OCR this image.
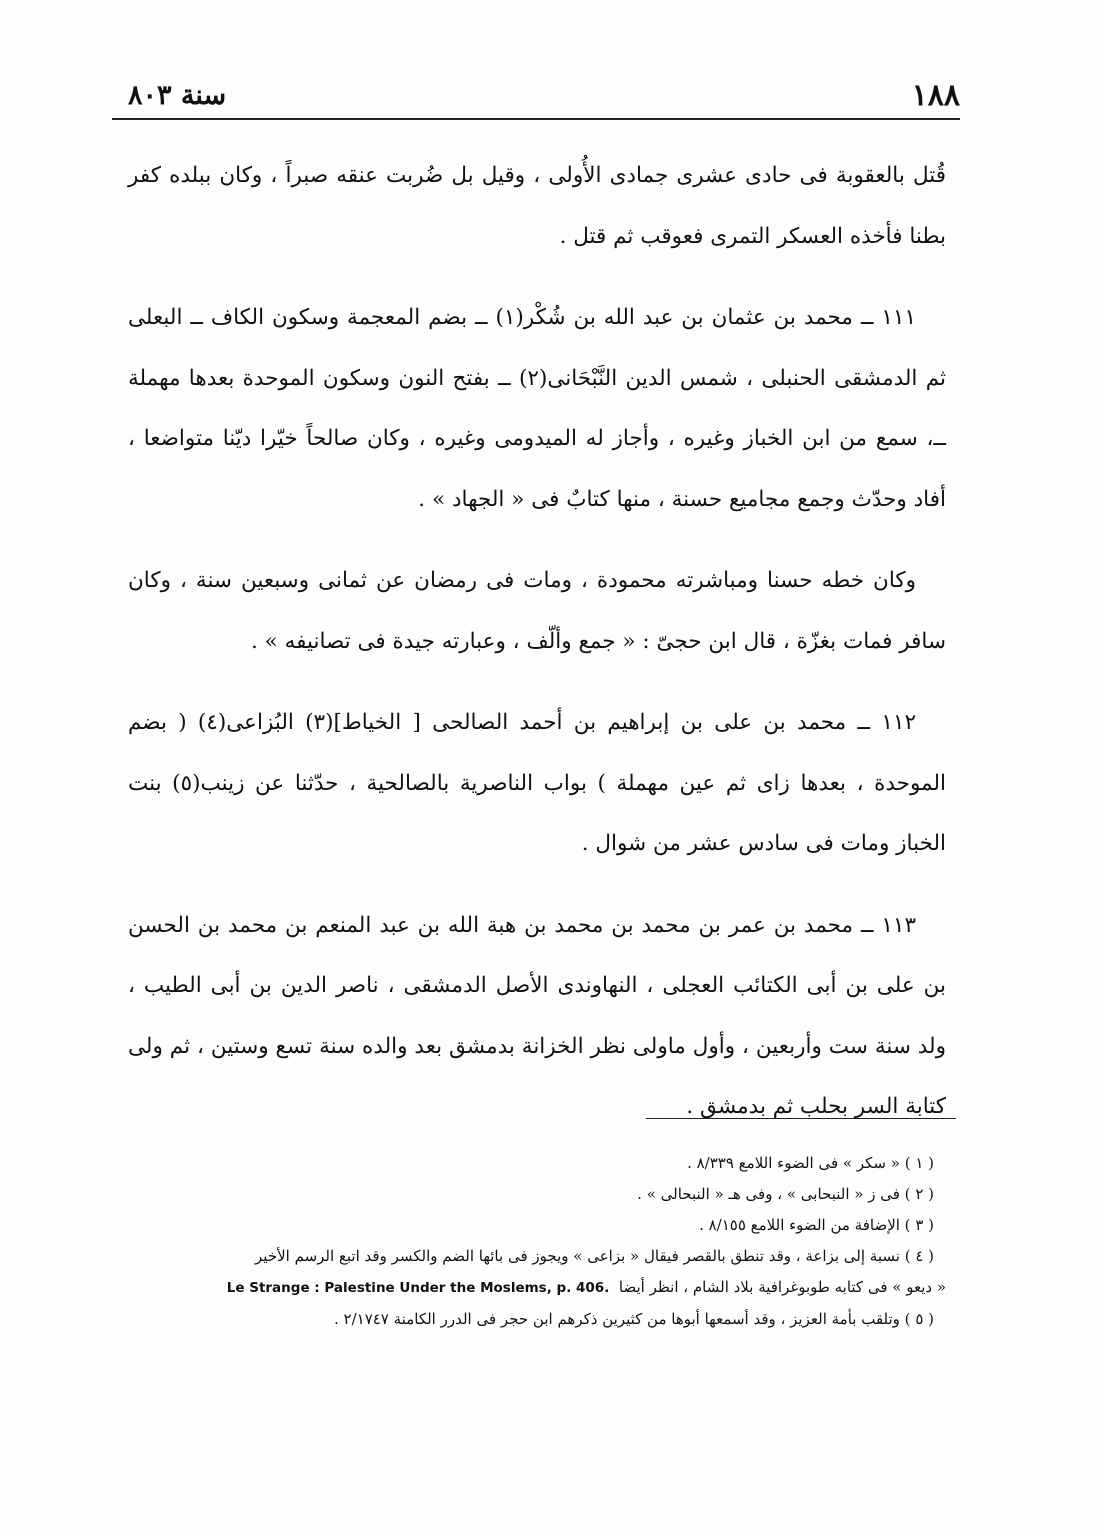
١٨٨
سنة ٨٠٣

قُتل بالعقوبة فى حادى عشرى جمادى الأُولى ، وقيل بل ضُربت عنقه صبراً ، وكان ببلده كفر بطنا فأخذه العسكر التمرى فعوقب ثم قتل .

١١١ ــ محمد بن عثمان بن عبد الله بن شُكْر(١) ــ بضم المعجمة وسكون الكاف ــ البعلى ثم الدمشقى الحنبلى ، شمس الدين النَّبْحَانى(٢) ــ بفتح النون وسكون الموحدة بعدها مهملة ــ، سمع من ابن الخباز وغيره ، وأجاز له الميدومى وغيره ، وكان صالحاً خيّرا ديّنا متواضعا ، أفاد وحدّث وجمع مجاميع حسنة ، منها كتابٌ فى « الجهاد » .

وكان خطه حسنا ومباشرته محمودة ، ومات فى رمضان عن ثمانى وسبعين سنة ، وكان سافر فمات بغزّة ، قال ابن حجىّ : « جمع وألّف ، وعبارته جيدة فى تصانيفه » .

١١٢ ــ محمد بن على بن إبراهيم بن أحمد الصالحى [ الخياط](٣) البُزاعى(٤) ( بضم الموحدة ، بعدها زاى ثم عين مهملة ) بواب الناصرية بالصالحية ، حدّثنا عن زينب(٥) بنت الخباز ومات فى سادس عشر من شوال .

١١٣ ــ محمد بن عمر بن محمد بن محمد بن هبة الله بن عبد المنعم بن محمد بن الحسن بن على بن أبى الكتائب العجلى ، النهاوندى الأصل الدمشقى ، ناصر الدين بن أبى الطيب ، ولد سنة ست وأربعين ، وأول ماولى نظر الخزانة بدمشق بعد والده سنة تسع وستين ، ثم ولى كتابة السر بحلب ثم بدمشق .

( ١ ) « سكر » فى الضوء اللامع ٨/٣٣٩ .

( ٢ ) فى ز « النبحابى » ، وفى هـ « النبحالى » .

( ٣ ) الإضافة من الضوء اللامع ٨/١٥٥ .

( ٤ ) نسبة إلى بزاعة ، وقد تنطق بالقصر فيقال « بزاعى » ويجوز فى بائها الضم والكسر وقد اتبع الرسم الأخير

« ديعو » فى كتابه طوبوغرافية بلاد الشام ، انظر أيضا  Le Strange : Palestine Under the Moslems, p. 406.

( ٥ ) وتلقب بأمة العزيز ، وقد أسمعها أبوها من كثيرين ذكرهم ابن حجر فى الدرر الكامنة ٢/١٧٤٧ .
